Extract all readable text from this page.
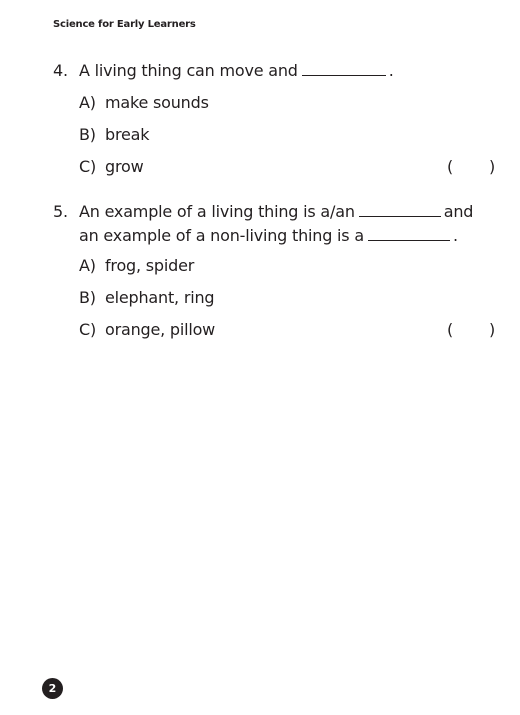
Science for Early Learners
4. A living thing can move and	.
A) make sounds
B) break
C) grow	( )
5. An example of a living thing is a/an	and
an example of a non-living thing is a	.
A) frog, spider
B) elephant, ring
C) orange, pillow	( )
2
